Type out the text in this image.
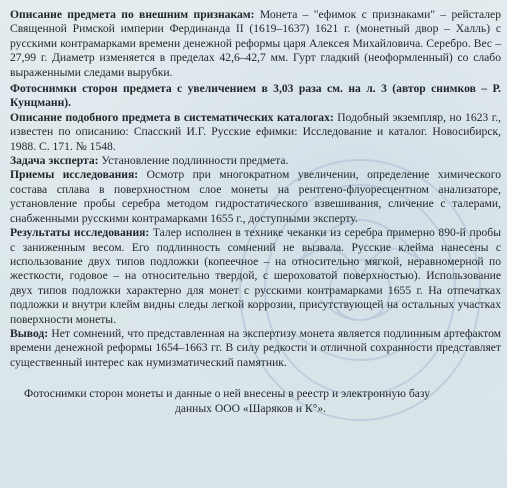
Описание предмета по внешним признакам: Монета – "ефимок с признаками" – рейсталер Священной Римской империи Фердинанда II (1619–1637) 1621 г. (монетный двор – Халль) с русскими контрамарками времени денежной реформы царя Алексея Михайловича. Серебро. Вес – 27,99 г. Диаметр изменяется в пределах 42,6–42,7 мм. Гурт гладкий (неоформленный) со слабо выраженными следами вырубки.

Фотоснимки сторон предмета с увеличением в 3,03 раза см. на л. 3 (автор снимков – Р. Кунцманн).

Описание подобного предмета в систематических каталогах: Подобный экземпляр, но 1623 г., известен по описанию: Спасский И.Г. Русские ефимки: Исследование и каталог. Новосибирск, 1988. С. 171. № 1548.

Задача эксперта: Установление подлинности предмета.

Приемы исследования: Осмотр при многократном увеличении, определение химического состава сплава в поверхностном слое монеты на рентгено-флуоресцентном анализаторе, установление пробы серебра методом гидростатического взвешивания, сличение с талерами, снабженными русскими контрамарками 1655 г., доступными эксперту.

Результаты исследования: Талер исполнен в технике чеканки из серебра примерно 890-й пробы с заниженным весом. Его подлинность сомнений не вызвала. Русские клейма нанесены с использование двух типов подложки (копеечное – на относительно мягкой, неравномерной по жесткости, годовое – на относительно твердой, с шероховатой поверхностью). Использование двух типов подложки характерно для монет с русскими контрамарками 1655 г. На отпечатках подложки и внутри клейм видны следы легкой коррозии, присутствующей на остальных участках поверхности монеты.

Вывод: Нет сомнений, что представленная на экспертизу монета является подлинным артефактом времени денежной реформы 1654–1663 гг. В силу редкости и отличной сохранности представляет существенный интерес как нумизматический памятник.

Фотоснимки сторон монеты и данные о ней внесены в реестр и электронную базу
данных ООО «Шаряков и К°».
